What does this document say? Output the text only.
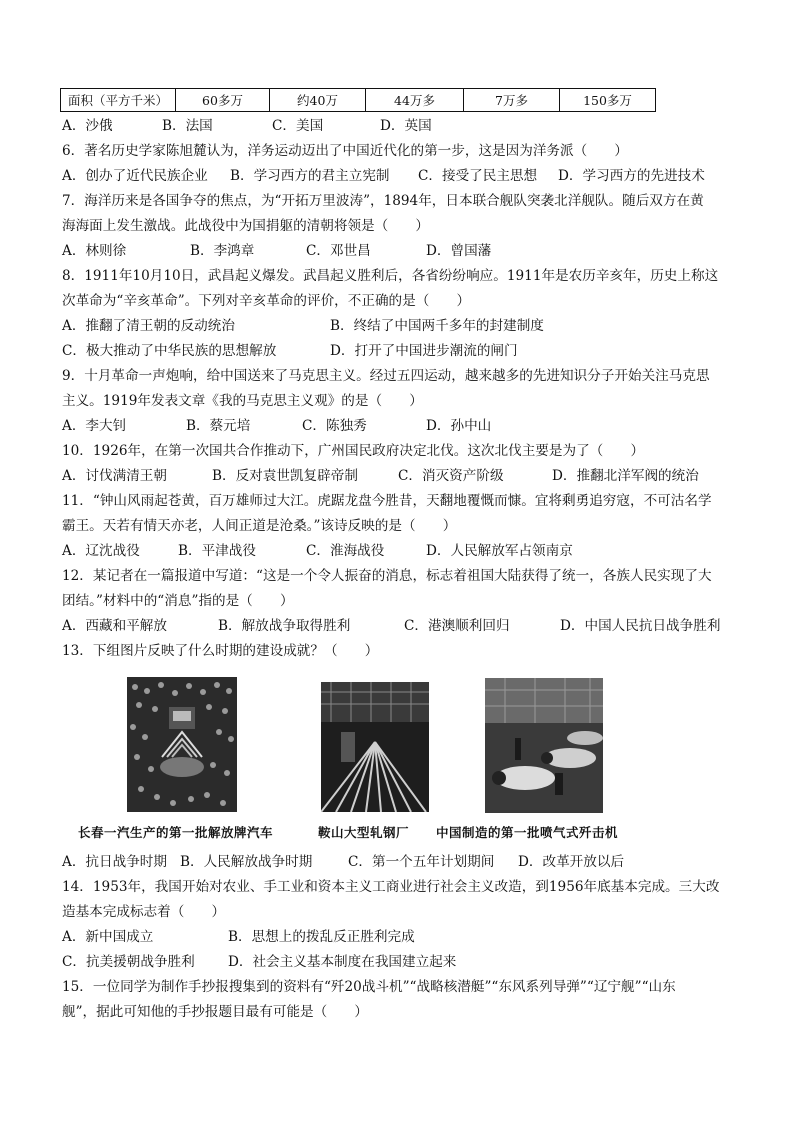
面积（平方千米）	60多万	约40万	44万多	7万多	150多万
A．沙俄	B．法国	C．美国	D．英国
6．著名历史学家陈旭麓认为，洋务运动迈出了中国近代化的第一步，这是因为洋务派（　　）
A．创办了近代民族企业 B．学习西方的君主立宪制 C．接受了民主思想 D．学习西方的先进技术
7．海洋历来是各国争夺的焦点，为“开拓万里波涛”，1894年，日本联合舰队突袭北洋舰队。随后双方在黄
海海面上发生激战。此战役中为国捐躯的清朝将领是（　　）
A．林则徐	B．李鸿章	C．邓世昌	D．曾国藩
8．1911年10月10日，武昌起义爆发。武昌起义胜利后，各省纷纷响应。1911年是农历辛亥年，历史上称这
次革命为“辛亥革命”。下列对辛亥革命的评价，不正确的是（　　）
A．推翻了清王朝的反动统治	B．终结了中国两千多年的封建制度
C．极大推动了中华民族的思想解放	D．打开了中国进步潮流的闸门
9．十月革命一声炮响，给中国送来了马克思主义。经过五四运动，越来越多的先进知识分子开始关注马克思
主义。1919年发表文章《我的马克思主义观》的是（　　）
A．李大钊	B．蔡元培	C．陈独秀	D．孙中山
10．1926年，在第一次国共合作推动下，广州国民政府决定北伐。这次北伐主要是为了（　　）
A．讨伐满清王朝	B．反对袁世凯复辟帝制	C．消灭资产阶级	D．推翻北洋军阀的统治
11．“钟山风雨起苍黄，百万雄师过大江。虎踞龙盘今胜昔，天翻地覆慨而慷。宜将剩勇追穷寇，不可沽名学
霸王。天若有情天亦老，人间正道是沧桑。”该诗反映的是（　　）
A．辽沈战役	B．平津战役	C．淮海战役	D．人民解放军占领南京
12．某记者在一篇报道中写道：“这是一个令人振奋的消息，标志着祖国大陆获得了统一，各族人民实现了大
团结。”材料中的“消息”指的是（　　）
A．西藏和平解放	B．解放战争取得胜利	C．港澳顺利回归	D．中国人民抗日战争胜利
13．下组图片反映了什么时期的建设成就？（　　）
长春一汽生产的第一批解放牌汽车	鞍山大型轧钢厂 中国制造的第一批喷气式歼击机
A．抗日战争时期 B．人民解放战争时期	C．第一个五年计划期间 D．改革开放以后
14．1953年，我国开始对农业、手工业和资本主义工商业进行社会主义改造，到1956年底基本完成。三大改
造基本完成标志着（　　）
A．新中国成立	B．思想上的拨乱反正胜利完成
C．抗美援朝战争胜利 D．社会主义基本制度在我国建立起来
15．一位同学为制作手抄报搜集到的资料有“歼20战斗机”“战略核潜艇”“东风系列导弹”“辽宁舰”“山东
舰”，据此可知他的手抄报题目最有可能是（　　）
